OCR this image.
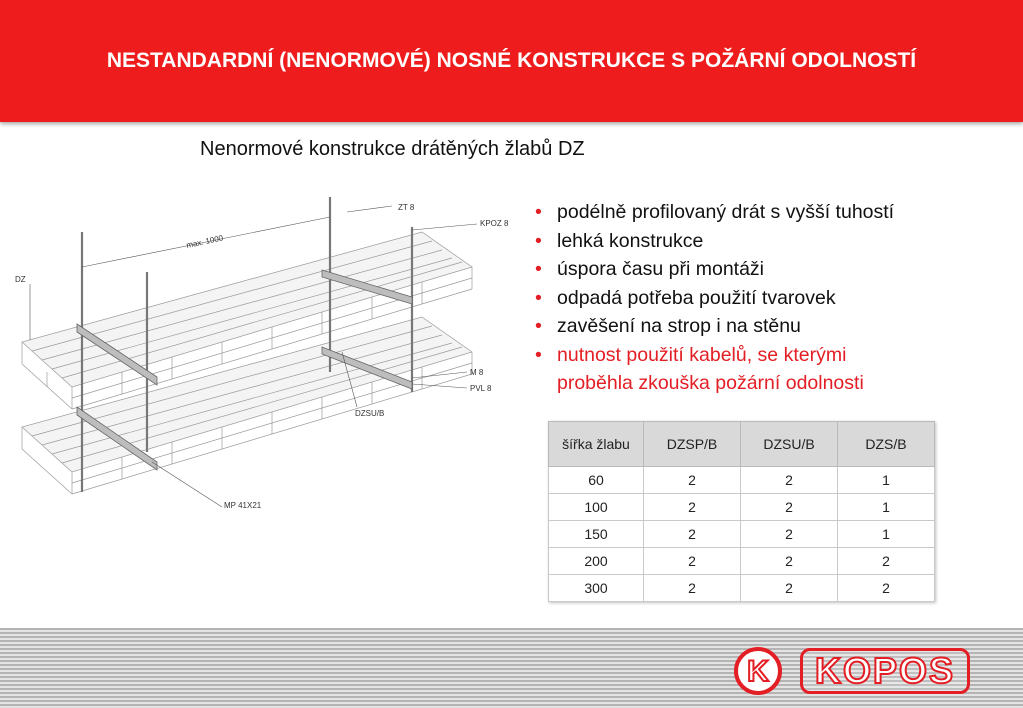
NESTANDARDNÍ (NENORMOVÉ) NOSNÉ KONSTRUKCE S POŽÁRNÍ ODOLNOSTÍ
Nenormové konstrukce drátěných žlabů DZ
DZ
max. 1000
ZT 8
KPOZ 8
M 8
PVL 8
DZSU/B
MP 41X21
• podélně profilovaný drát s vyšší tuhostí
• lehká konstrukce
• úspora času při montáži
• odpadá potřeba použití tvarovek
• zavěšení na strop i na stěnu
• nutnost použití kabelů, se kterými
proběhla zkouška požární odolnosti
šířka žlabu	DZSP/B	DZSU/B	DZS/B
60	2	2	1
100	2	2	1
150	2	2	1
200	2	2	2
300	2	2	2
K KOPOS
